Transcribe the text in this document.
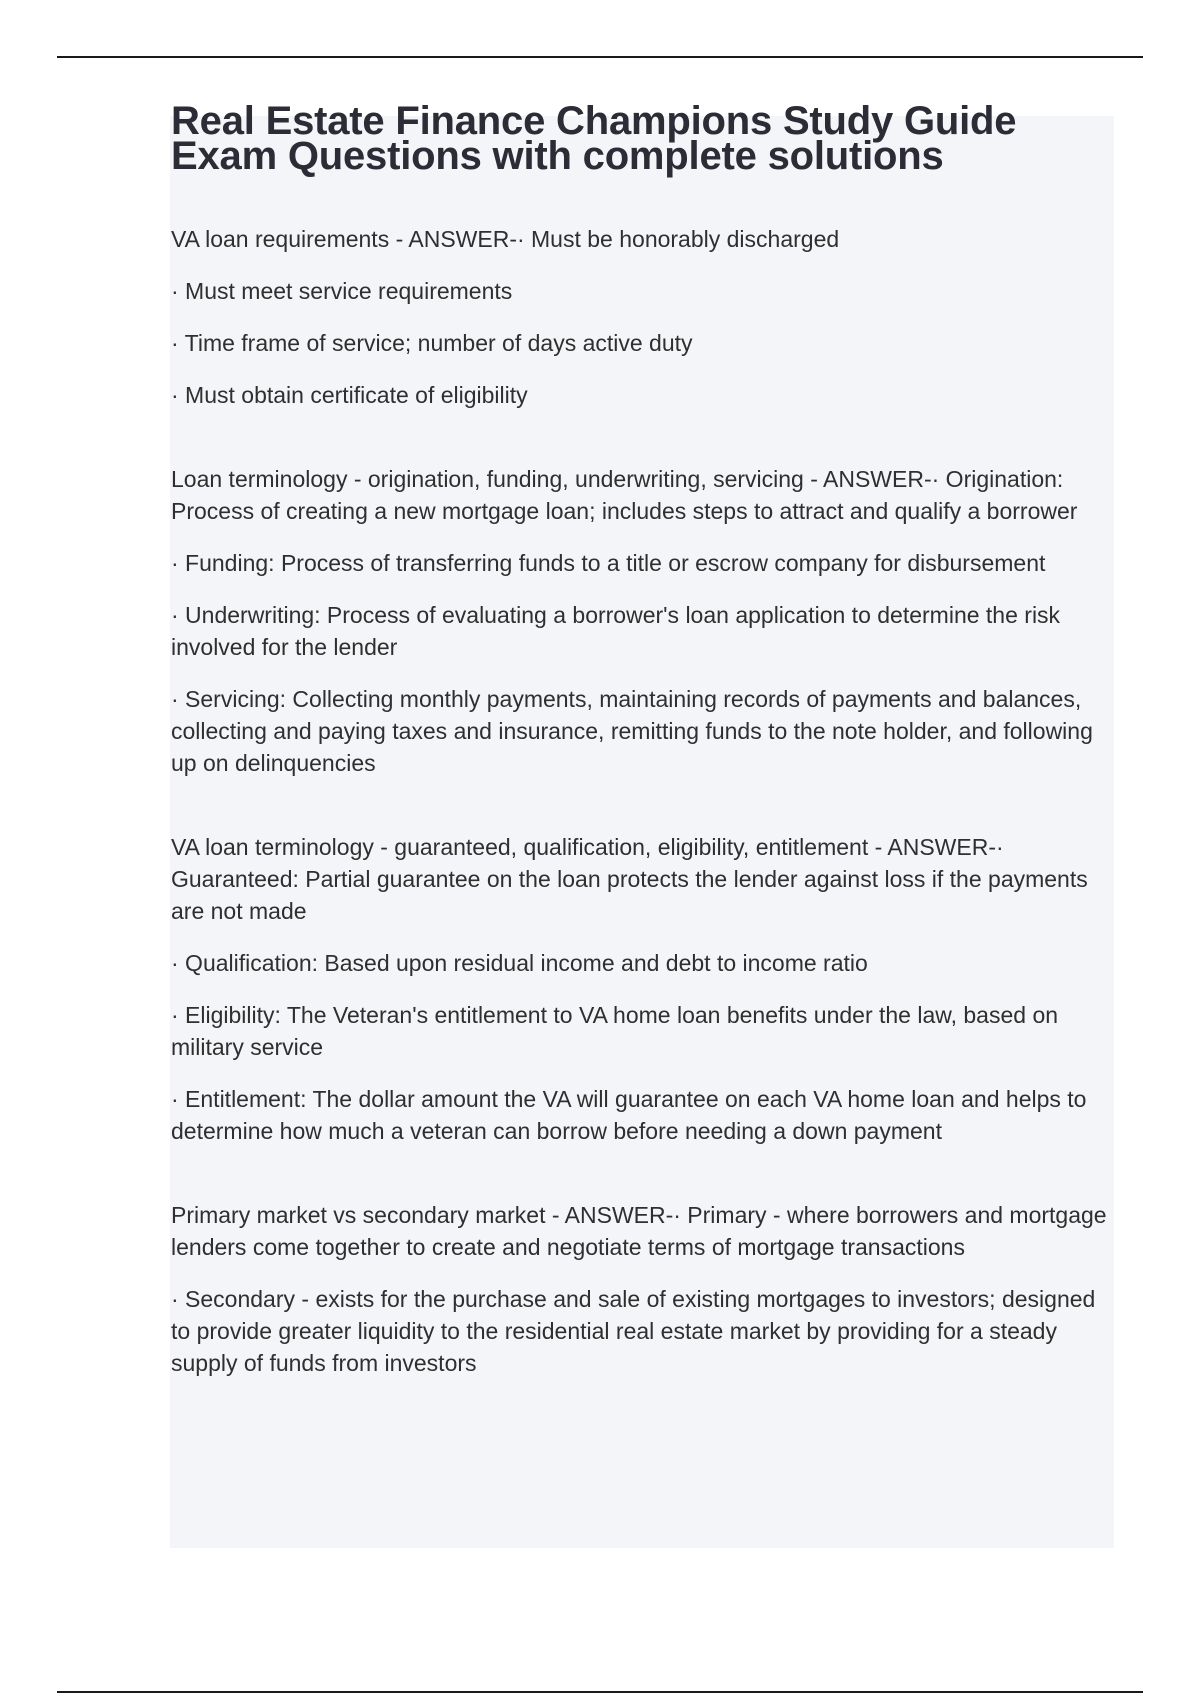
Real Estate Finance Champions Study Guide Exam Questions with complete solutions

VA loan requirements - ANSWER-· Must be honorably discharged

· Must meet service requirements

· Time frame of service; number of days active duty

· Must obtain certificate of eligibility

Loan terminology - origination, funding, underwriting, servicing - ANSWER-· Origination: Process of creating a new mortgage loan; includes steps to attract and qualify a borrower

· Funding: Process of transferring funds to a title or escrow company for disbursement

· Underwriting: Process of evaluating a borrower's loan application to determine the risk involved for the lender

· Servicing: Collecting monthly payments, maintaining records of payments and balances, collecting and paying taxes and insurance, remitting funds to the note holder, and following up on delinquencies

VA loan terminology - guaranteed, qualification, eligibility, entitlement - ANSWER-· Guaranteed: Partial guarantee on the loan protects the lender against loss if the payments are not made

· Qualification: Based upon residual income and debt to income ratio

· Eligibility: The Veteran's entitlement to VA home loan benefits under the law, based on military service

· Entitlement: The dollar amount the VA will guarantee on each VA home loan and helps to determine how much a veteran can borrow before needing a down payment

Primary market vs secondary market - ANSWER-· Primary - where borrowers and mortgage lenders come together to create and negotiate terms of mortgage transactions

· Secondary - exists for the purchase and sale of existing mortgages to investors; designed to provide greater liquidity to the residential real estate market by providing for a steady supply of funds from investors
